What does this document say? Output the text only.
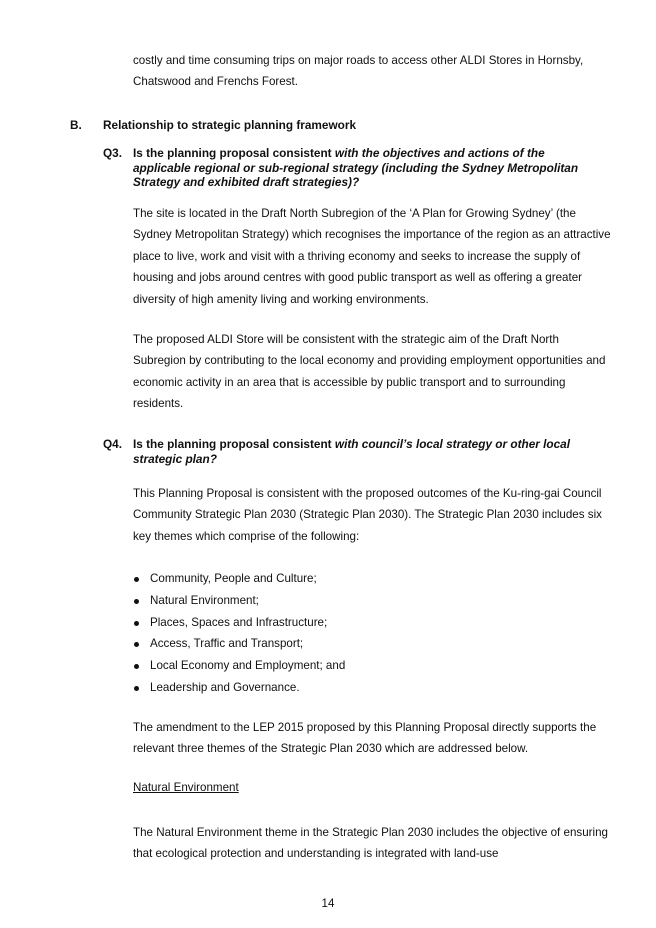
costly and time consuming trips on major roads to access other ALDI Stores in Hornsby, Chatswood and Frenchs Forest.

B. Relationship to strategic planning framework
Q3. Is the planning proposal consistent with the objectives and actions of the applicable regional or sub-regional strategy (including the Sydney Metropolitan Strategy and exhibited draft strategies)?

The site is located in the Draft North Subregion of the ‘A Plan for Growing Sydney’ (the Sydney Metropolitan Strategy) which recognises the importance of the region as an attractive place to live, work and visit with a thriving economy and seeks to increase the supply of housing and jobs around centres with good public transport as well as offering a greater diversity of high amenity living and working environments.

The proposed ALDI Store will be consistent with the strategic aim of the Draft North Subregion by contributing to the local economy and providing employment opportunities and economic activity in an area that is accessible by public transport and to surrounding residents.

Q4. Is the planning proposal consistent with council’s local strategy or other local strategic plan?

This Planning Proposal is consistent with the proposed outcomes of the Ku-ring-gai Council Community Strategic Plan 2030 (Strategic Plan 2030). The Strategic Plan 2030 includes six key themes which comprise of the following:

Community, People and Culture;
Natural Environment;
Places, Spaces and Infrastructure;
Access, Traffic and Transport;
Local Economy and Employment; and
Leadership and Governance.

The amendment to the LEP 2015 proposed by this Planning Proposal directly supports the relevant three themes of the Strategic Plan 2030 which are addressed below.

Natural Environment

The Natural Environment theme in the Strategic Plan 2030 includes the objective of ensuring that ecological protection and understanding is integrated with land-use

14
